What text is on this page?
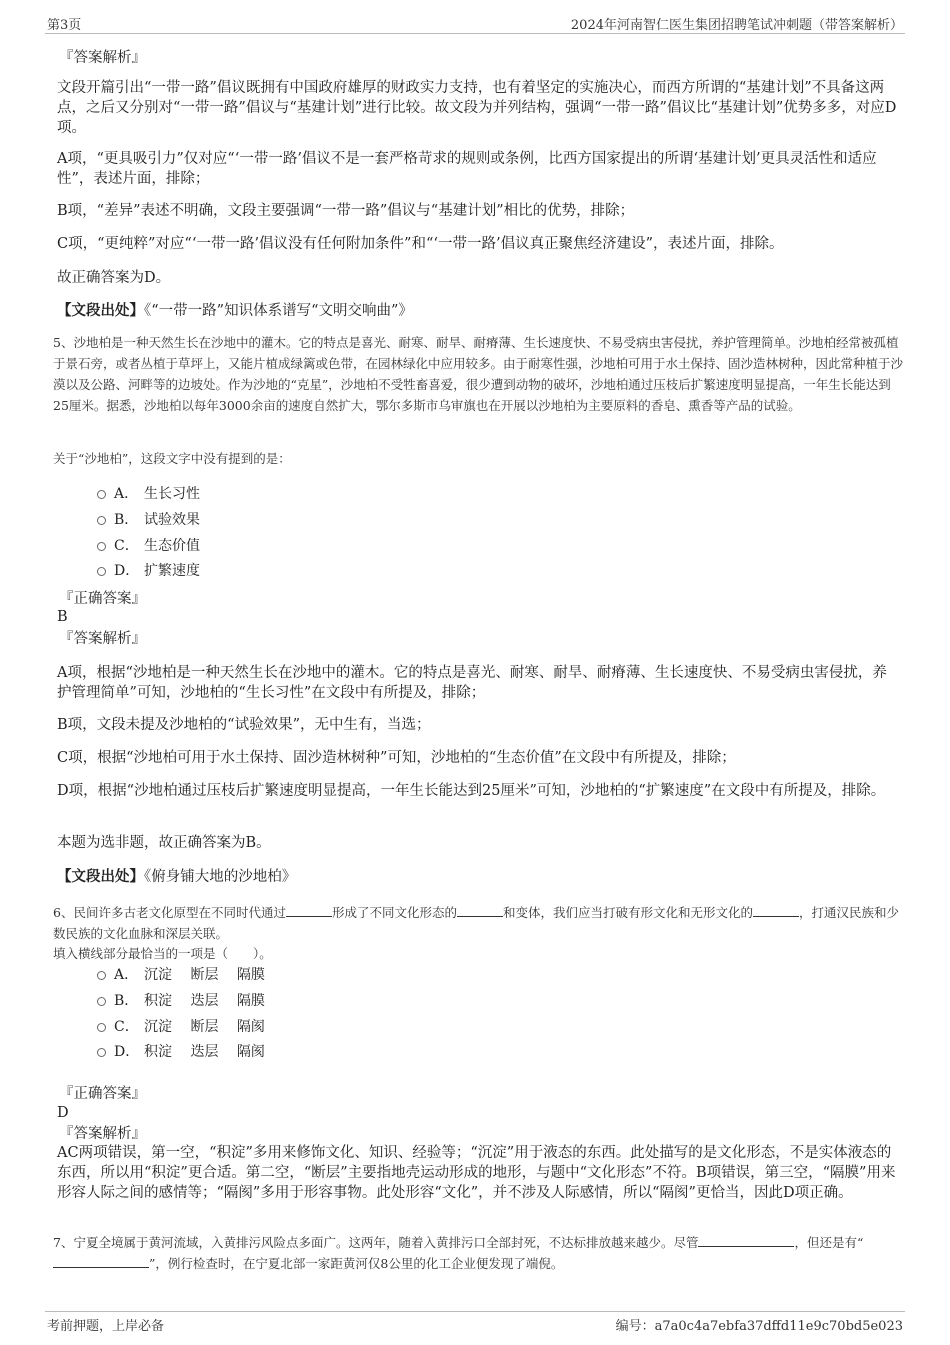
第3页	2024年河南智仁医生集团招聘笔试冲刺题（带答案解析）
『答案解析』
文段开篇引出“一带一路”倡议既拥有中国政府雄厚的财政实力支持，也有着坚定的实施决心，而西方所谓的“基建计划”不具备这两点，之后又分别对“一带一路”倡议与“基建计划”进行比较。故文段为并列结构，强调“一带一路”倡议比“基建计划”优势多多，对应D项。
A项，“更具吸引力”仅对应“‘一带一路’倡议不是一套严格苛求的规则或条例，比西方国家提出的所谓‘基建计划’更具灵活性和适应性”，表述片面，排除；
B项，“差异”表述不明确，文段主要强调“一带一路”倡议与“基建计划”相比的优势，排除；
C项，“更纯粹”对应“‘一带一路’倡议没有任何附加条件”和“‘一带一路’倡议真正聚焦经济建设”，表述片面，排除。
故正确答案为D。
【文段出处】《“一带一路”知识体系谱写“文明交响曲”》
5、沙地柏是一种天然生长在沙地中的灌木。它的特点是喜光、耐寒、耐旱、耐瘠薄、生长速度快、不易受病虫害侵扰，养护管理简单。沙地柏经常被孤植于景石旁，或者丛植于草坪上，又能片植成绿篱或色带，在园林绿化中应用较多。由于耐寒性强，沙地柏可用于水土保持、固沙造林树种，因此常种植于沙漠以及公路、河畔等的边坡处。作为沙地的“克星”，沙地柏不受牲畜喜爱，很少遭到动物的破坏，沙地柏通过压枝后扩繁速度明显提高，一年生长能达到25厘米。据悉，沙地柏以每年3000余亩的速度自然扩大，鄂尔多斯市乌审旗也在开展以沙地柏为主要原料的香皂、熏香等产品的试验。
关于“沙地柏”，这段文字中没有提到的是：
A． 生长习性
B． 试验效果
C． 生态价值
D． 扩繁速度
『正确答案』
B
『答案解析』
A项，根据“沙地柏是一种天然生长在沙地中的灌木。它的特点是喜光、耐寒、耐旱、耐瘠薄、生长速度快、不易受病虫害侵扰，养护管理简单”可知，沙地柏的“生长习性”在文段中有所提及，排除；
B项，文段未提及沙地柏的“试验效果”，无中生有，当选；
C项，根据“沙地柏可用于水土保持、固沙造林树种”可知，沙地柏的“生态价值”在文段中有所提及，排除；
D项，根据“沙地柏通过压枝后扩繁速度明显提高，一年生长能达到25厘米”可知，沙地柏的“扩繁速度”在文段中有所提及，排除。
本题为选非题，故正确答案为B。
【文段出处】《俯身铺大地的沙地柏》
6、民间许多古老文化原型在不同时代通过	形成了不同文化形态的	和变体，我们应当打破有形文化和无形文化的	，打通汉民族和少数民族的文化血脉和深层关联。
填入横线部分最恰当的一项是（　　）。
A． 沉淀 断层 隔膜
B． 积淀 迭层 隔膜
C． 沉淀 断层 隔阂
D． 积淀 迭层 隔阂
『正确答案』
D
『答案解析』
AC两项错误，第一空，“积淀”多用来修饰文化、知识、经验等；“沉淀”用于液态的东西。此处描写的是文化形态，不是实体液态的东西，所以用“积淀”更合适。第二空，“断层”主要指地壳运动形成的地形，与题中“文化形态”不符。B项错误，第三空，“隔膜”用来形容人际之间的感情等；“隔阂”多用于形容事物。此处形容“文化”，并不涉及人际感情，所以“隔阂”更恰当，因此D项正确。
7、宁夏全境属于黄河流域，入黄排污风险点多面广。这两年，随着入黄排污口全部封死，不达标排放越来越少。尽管	，但还是有“”，例行检查时，在宁夏北部一家距黄河仅8公里的化工企业便发现了端倪。
考前押题，上岸必备	编号：a7a0c4a7ebfa37dffd11e9c70bd5e023
